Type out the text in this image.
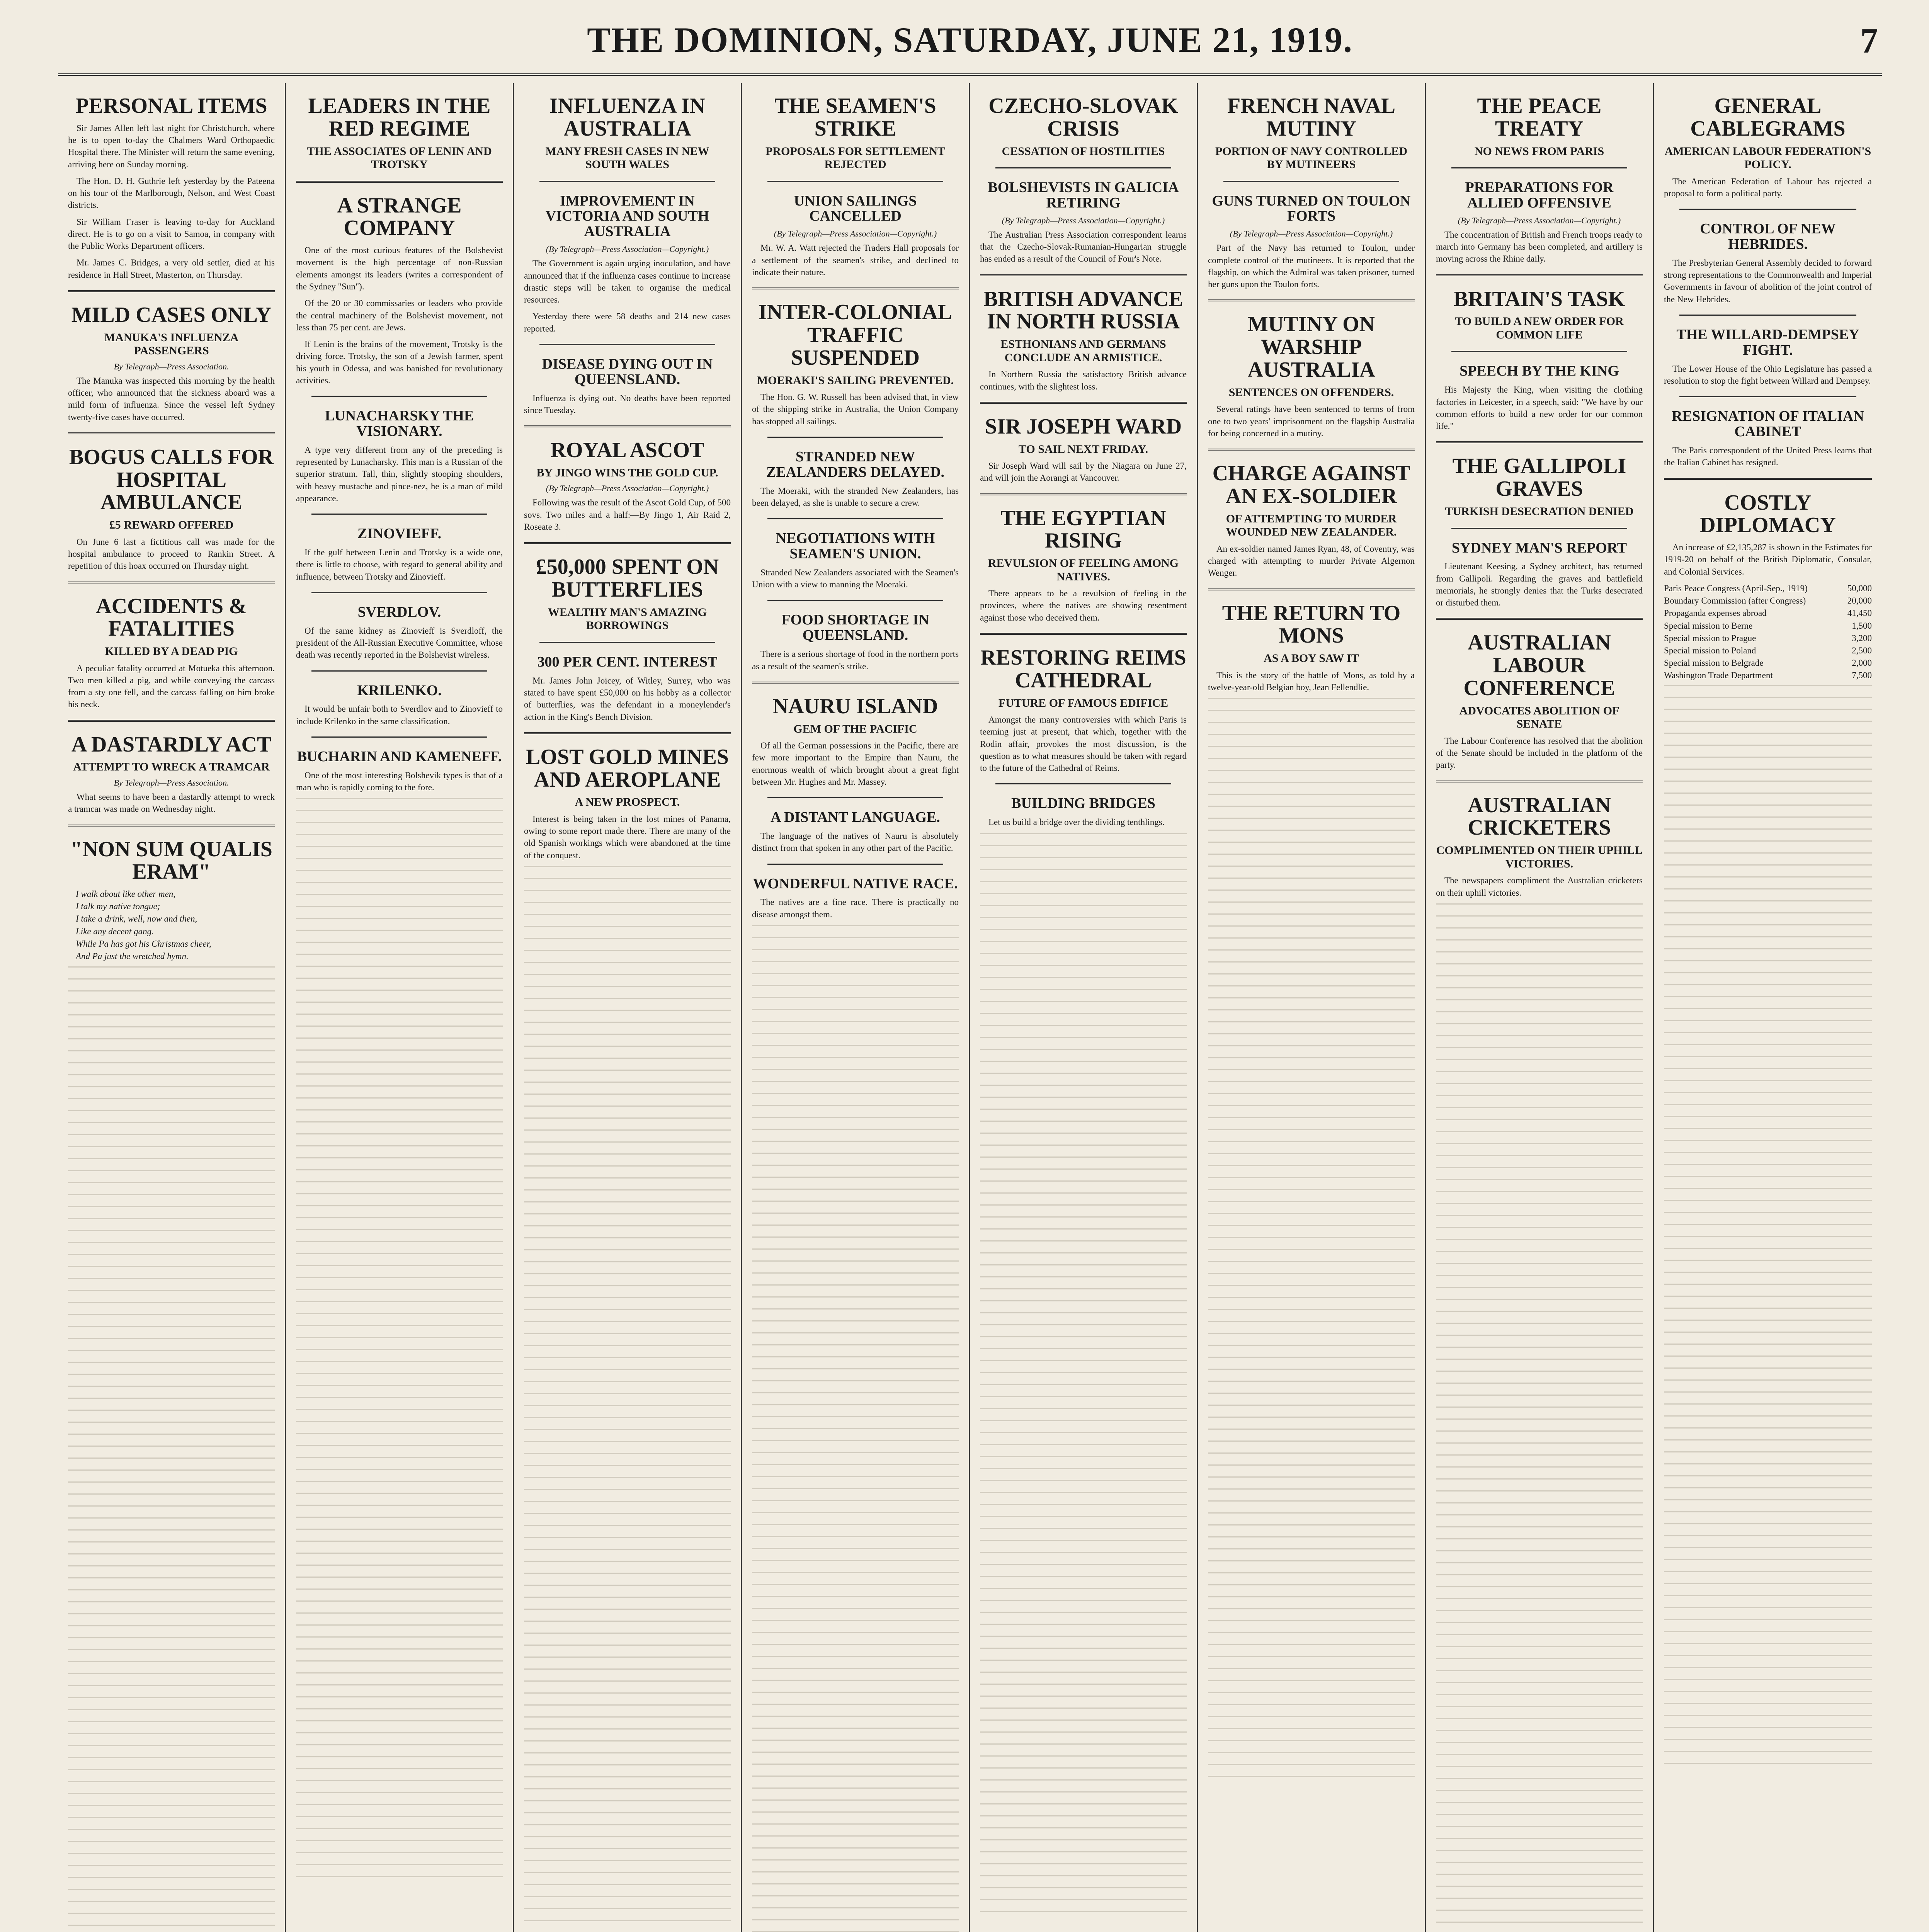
THE DOMINION, SATURDAY, JUNE 21, 1919.	7
PERSONAL ITEMS

Sir James Allen left last night for Christchurch, where he is to open to-day the Chalmers Ward Orthopaedic Hospital there. The Minister will return the same evening, arriving here on Sunday morning.

The Hon. D. H. Guthrie left yesterday by the Pateena on his tour of the Marlborough, Nelson, and West Coast districts.

Sir William Fraser is leaving to-day for Auckland direct. He is to go on a visit to Samoa, in company with the Public Works Department officers.

Mr. James C. Bridges, a very old settler, died at his residence in Hall Street, Masterton, on Thursday.

MILD CASES ONLY
MANUKA'S INFLUENZA PASSENGERS
By Telegraph—Press Association.

The Manuka was inspected this morning by the health officer, who announced that the sickness aboard was a mild form of influenza. Since the vessel left Sydney twenty-five cases have occurred.

BOGUS CALLS FOR HOSPITAL AMBULANCE
£5 REWARD OFFERED

On June 6 last a fictitious call was made for the hospital ambulance to proceed to Rankin Street. A repetition of this hoax occurred on Thursday night.

ACCIDENTS & FATALITIES
KILLED BY A DEAD PIG

A peculiar fatality occurred at Motueka this afternoon. Two men killed a pig, and while conveying the carcass from a sty one fell, and the carcass falling on him broke his neck.

A DASTARDLY ACT
ATTEMPT TO WRECK A TRAMCAR
By Telegraph—Press Association.

What seems to have been a dastardly attempt to wreck a tramcar was made on Wednesday night.

"NON SUM QUALIS ERAM"
I walk about like other men,
I talk my native tongue;
I take a drink, well, now and then,
Like any decent gang.
While Pa has got his Christmas cheer,
And Pa just the wretched hymn.
LEADERS IN THE RED REGIME
THE ASSOCIATES OF LENIN AND TROTSKY
A STRANGE COMPANY

One of the most curious features of the Bolshevist movement is the high percentage of non-Russian elements amongst its leaders (writes a correspondent of the Sydney "Sun").

Of the 20 or 30 commissaries or leaders who provide the central machinery of the Bolshevist movement, not less than 75 per cent. are Jews.

If Lenin is the brains of the movement, Trotsky is the driving force. Trotsky, the son of a Jewish farmer, spent his youth in Odessa, and was banished for revolutionary activities.

LUNACHARSKY THE VISIONARY.

A type very different from any of the preceding is represented by Lunacharsky. This man is a Russian of the superior stratum. Tall, thin, slightly stooping shoulders, with heavy mustache and pince-nez, he is a man of mild appearance.

ZINOVIEFF.

If the gulf between Lenin and Trotsky is a wide one, there is little to choose, with regard to general ability and influence, between Trotsky and Zinovieff.

SVERDLOV.

Of the same kidney as Zinovieff is Sverdloff, the president of the All-Russian Executive Committee, whose death was recently reported in the Bolshevist wireless.

KRILENKO.

It would be unfair both to Sverdlov and to Zinovieff to include Krilenko in the same classification.

BUCHARIN AND KAMENEFF.

One of the most interesting Bolshevik types is that of a man who is rapidly coming to the fore.

INFLUENZA IN AUSTRALIA
MANY FRESH CASES IN NEW SOUTH WALES
IMPROVEMENT IN VICTORIA AND SOUTH AUSTRALIA
(By Telegraph—Press Association—Copyright.)

The Government is again urging inoculation, and have announced that if the influenza cases continue to increase drastic steps will be taken to organise the medical resources.

Yesterday there were 58 deaths and 214 new cases reported.

DISEASE DYING OUT IN QUEENSLAND.

Influenza is dying out. No deaths have been reported since Tuesday.

ROYAL ASCOT
BY JINGO WINS THE GOLD CUP.
(By Telegraph—Press Association—Copyright.)

Following was the result of the Ascot Gold Cup, of 500 sovs. Two miles and a half:—By Jingo 1, Air Raid 2, Roseate 3.

£50,000 SPENT ON BUTTERFLIES
WEALTHY MAN'S AMAZING BORROWINGS
300 PER CENT. INTEREST

Mr. James John Joicey, of Witley, Surrey, who was stated to have spent £50,000 on his hobby as a collector of butterflies, was the defendant in a moneylender's action in the King's Bench Division.

LOST GOLD MINES AND AEROPLANE
A NEW PROSPECT.

Interest is being taken in the lost mines of Panama, owing to some report made there. There are many of the old Spanish workings which were abandoned at the time of the conquest.

THE SEAMEN'S STRIKE
PROPOSALS FOR SETTLEMENT REJECTED
UNION SAILINGS CANCELLED
(By Telegraph—Press Association—Copyright.)

Mr. W. A. Watt rejected the Traders Hall proposals for a settlement of the seamen's strike, and declined to indicate their nature.

INTER-COLONIAL TRAFFIC SUSPENDED
MOERAKI'S SAILING PREVENTED.

The Hon. G. W. Russell has been advised that, in view of the shipping strike in Australia, the Union Company has stopped all sailings.

STRANDED NEW ZEALANDERS DELAYED.

The Moeraki, with the stranded New Zealanders, has been delayed, as she is unable to secure a crew.

NEGOTIATIONS WITH SEAMEN'S UNION.

Stranded New Zealanders associated with the Seamen's Union with a view to manning the Moeraki.

FOOD SHORTAGE IN QUEENSLAND.

There is a serious shortage of food in the northern ports as a result of the seamen's strike.

NAURU ISLAND
GEM OF THE PACIFIC

Of all the German possessions in the Pacific, there are few more important to the Empire than Nauru, the enormous wealth of which brought about a great fight between Mr. Hughes and Mr. Massey.

A DISTANT LANGUAGE.

The language of the natives of Nauru is absolutely distinct from that spoken in any other part of the Pacific.

WONDERFUL NATIVE RACE.

The natives are a fine race. There is practically no disease amongst them.

CZECHO-SLOVAK CRISIS
CESSATION OF HOSTILITIES
BOLSHEVISTS IN GALICIA RETIRING
(By Telegraph—Press Association—Copyright.)

The Australian Press Association correspondent learns that the Czecho-Slovak-Rumanian-Hungarian struggle has ended as a result of the Council of Four's Note.

BRITISH ADVANCE IN NORTH RUSSIA
ESTHONIANS AND GERMANS CONCLUDE AN ARMISTICE.

In Northern Russia the satisfactory British advance continues, with the slightest loss.

SIR JOSEPH WARD
TO SAIL NEXT FRIDAY.

Sir Joseph Ward will sail by the Niagara on June 27, and will join the Aorangi at Vancouver.

THE EGYPTIAN RISING
REVULSION OF FEELING AMONG NATIVES.

There appears to be a revulsion of feeling in the provinces, where the natives are showing resentment against those who deceived them.

RESTORING REIMS CATHEDRAL
FUTURE OF FAMOUS EDIFICE

Amongst the many controversies with which Paris is teeming just at present, that which, together with the Rodin affair, provokes the most discussion, is the question as to what measures should be taken with regard to the future of the Cathedral of Reims.

BUILDING BRIDGES

Let us build a bridge over the dividing tenthlings.

FRENCH NAVAL MUTINY
PORTION OF NAVY CONTROLLED BY MUTINEERS
GUNS TURNED ON TOULON FORTS
(By Telegraph—Press Association—Copyright.)

Part of the Navy has returned to Toulon, under complete control of the mutineers. It is reported that the flagship, on which the Admiral was taken prisoner, turned her guns upon the Toulon forts.

MUTINY ON WARSHIP AUSTRALIA
SENTENCES ON OFFENDERS.

Several ratings have been sentenced to terms of from one to two years' imprisonment on the flagship Australia for being concerned in a mutiny.

CHARGE AGAINST AN EX-SOLDIER
OF ATTEMPTING TO MURDER WOUNDED NEW ZEALANDER.

An ex-soldier named James Ryan, 48, of Coventry, was charged with attempting to murder Private Algernon Wenger.

THE RETURN TO MONS
AS A BOY SAW IT

This is the story of the battle of Mons, as told by a twelve-year-old Belgian boy, Jean Fellendlie.

THE PEACE TREATY
NO NEWS FROM PARIS
PREPARATIONS FOR ALLIED OFFENSIVE
(By Telegraph—Press Association—Copyright.)

The concentration of British and French troops ready to march into Germany has been completed, and artillery is moving across the Rhine daily.

BRITAIN'S TASK
TO BUILD A NEW ORDER FOR COMMON LIFE
SPEECH BY THE KING

His Majesty the King, when visiting the clothing factories in Leicester, in a speech, said: "We have by our common efforts to build a new order for our common life."

THE GALLIPOLI GRAVES
TURKISH DESECRATION DENIED
SYDNEY MAN'S REPORT

Lieutenant Keesing, a Sydney architect, has returned from Gallipoli. Regarding the graves and battlefield memorials, he strongly denies that the Turks desecrated or disturbed them.

AUSTRALIAN LABOUR CONFERENCE
ADVOCATES ABOLITION OF SENATE

The Labour Conference has resolved that the abolition of the Senate should be included in the platform of the party.

AUSTRALIAN CRICKETERS
COMPLIMENTED ON THEIR UPHILL VICTORIES.

The newspapers compliment the Australian cricketers on their uphill victories.

GENERAL CABLEGRAMS
AMERICAN LABOUR FEDERATION'S POLICY.

The American Federation of Labour has rejected a proposal to form a political party.

CONTROL OF NEW HEBRIDES.

The Presbyterian General Assembly decided to forward strong representations to the Commonwealth and Imperial Governments in favour of abolition of the joint control of the New Hebrides.

THE WILLARD-DEMPSEY FIGHT.

The Lower House of the Ohio Legislature has passed a resolution to stop the fight between Willard and Dempsey.

RESIGNATION OF ITALIAN CABINET

The Paris correspondent of the United Press learns that the Italian Cabinet has resigned.

COSTLY DIPLOMACY

An increase of £2,135,287 is shown in the Estimates for 1919-20 on behalf of the British Diplomatic, Consular, and Colonial Services.

Paris Peace Congress (April-Sep., 1919)	50,000
Boundary Commission (after Congress)	20,000
Propaganda expenses abroad	41,450
Special mission to Berne	1,500
Special mission to Prague	3,200
Special mission to Poland	2,500
Special mission to Belgrade	2,000
Washington Trade Department	7,500
